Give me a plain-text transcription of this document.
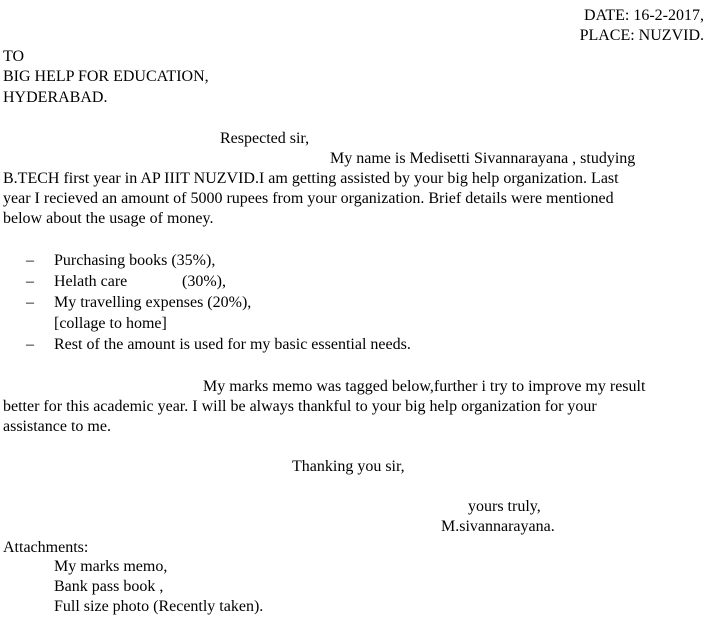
DATE: 16-2-2017,
PLACE: NUZVID.
TO
BIG HELP FOR EDUCATION,
HYDERABAD.
Respected sir,
My name is Medisetti Sivannarayana , studying
B.TECH first year in AP IIIT NUZVID.I am getting assisted by your big help organization. Last
year I recieved an amount of 5000 rupees from your organization. Brief details were mentioned
below about the usage of money.
– Purchasing books (35%),
– Helath care	(30%),
– My travelling expenses (20%),
[collage to home]
– Rest of the amount is used for my basic essential needs.
My marks memo was tagged below,further i try to improve my result
better for this academic year. I will be always thankful to your big help organization for your
assistance to me.
Thanking you sir,
yours truly,
M.sivannarayana.
Attachments:
My marks memo,
Bank pass book ,
Full size photo (Recently taken).
